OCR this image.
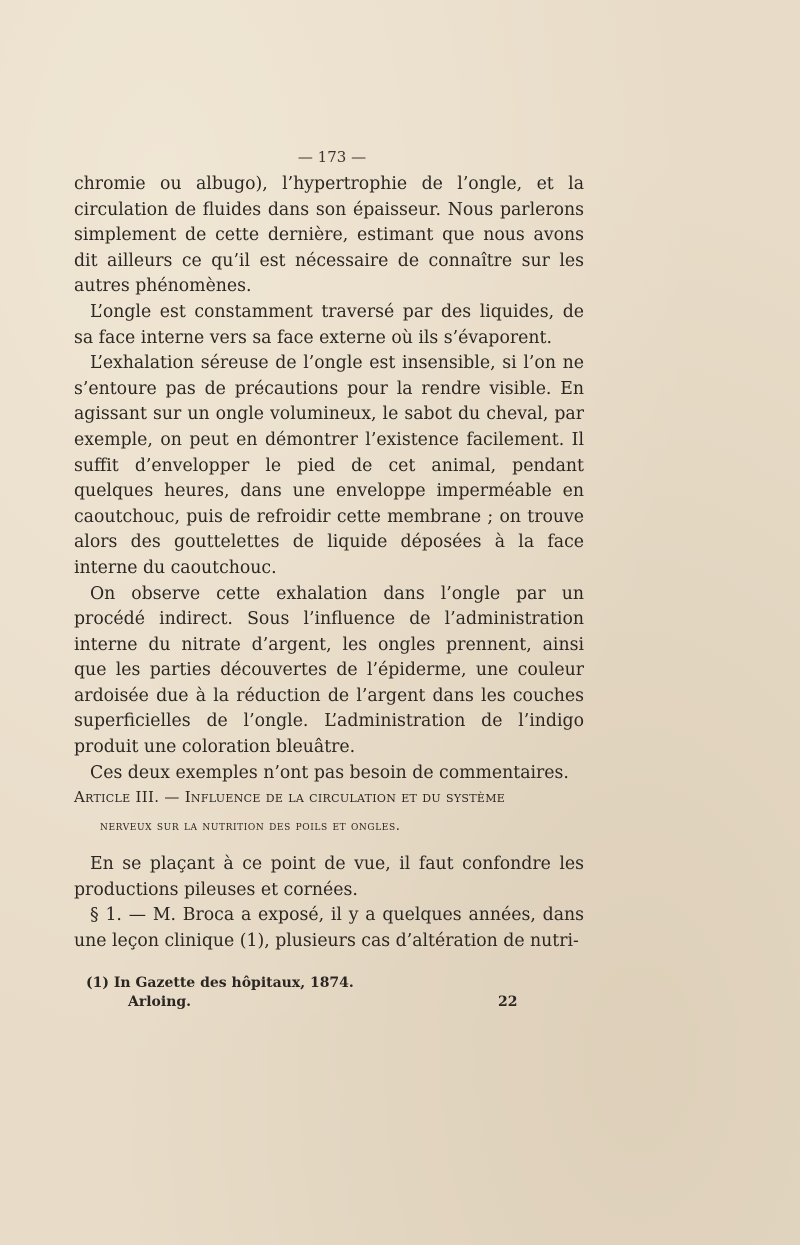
— 173 —

chromie ou albugo), l’hypertrophie de l’ongle, et la circulation de fluides dans son épaisseur. Nous parlerons simplement de cette dernière, estimant que nous avons dit ailleurs ce qu’il est nécessaire de connaître sur les autres phénomènes.

L’ongle est constamment traversé par des liquides, de sa face interne vers sa face externe où ils s’évaporent.

L’exhalation séreuse de l’ongle est insensible, si l’on ne s’entoure pas de précautions pour la rendre visible. En agissant sur un ongle volumineux, le sabot du cheval, par exemple, on peut en démontrer l’existence facilement. Il suffit d’envelopper le pied de cet animal, pendant quelques heures, dans une enveloppe imperméable en caoutchouc, puis de refroidir cette membrane ; on trouve alors des gouttelettes de liquide déposées à la face interne du caoutchouc.

On observe cette exhalation dans l’ongle par un procédé indirect. Sous l’influence de l’administration interne du nitrate d’argent, les ongles prennent, ainsi que les parties découvertes de l’épiderme, une couleur ardoisée due à la réduction de l’argent dans les couches superficielles de l’ongle. L’administration de l’indigo produit une coloration bleuâtre.

Ces deux exemples n’ont pas besoin de commentaires.

Article III. — Influence de la circulation et du système
nerveux sur la nutrition des poils et ongles.

En se plaçant à ce point de vue, il faut confondre les productions pileuses et cornées.

§ 1. — M. Broca a exposé, il y a quelques années, dans une leçon clinique (1), plusieurs cas d’altération de nutri-

(1) In Gazette des hôpitaux, 1874.
Arloing.	22
